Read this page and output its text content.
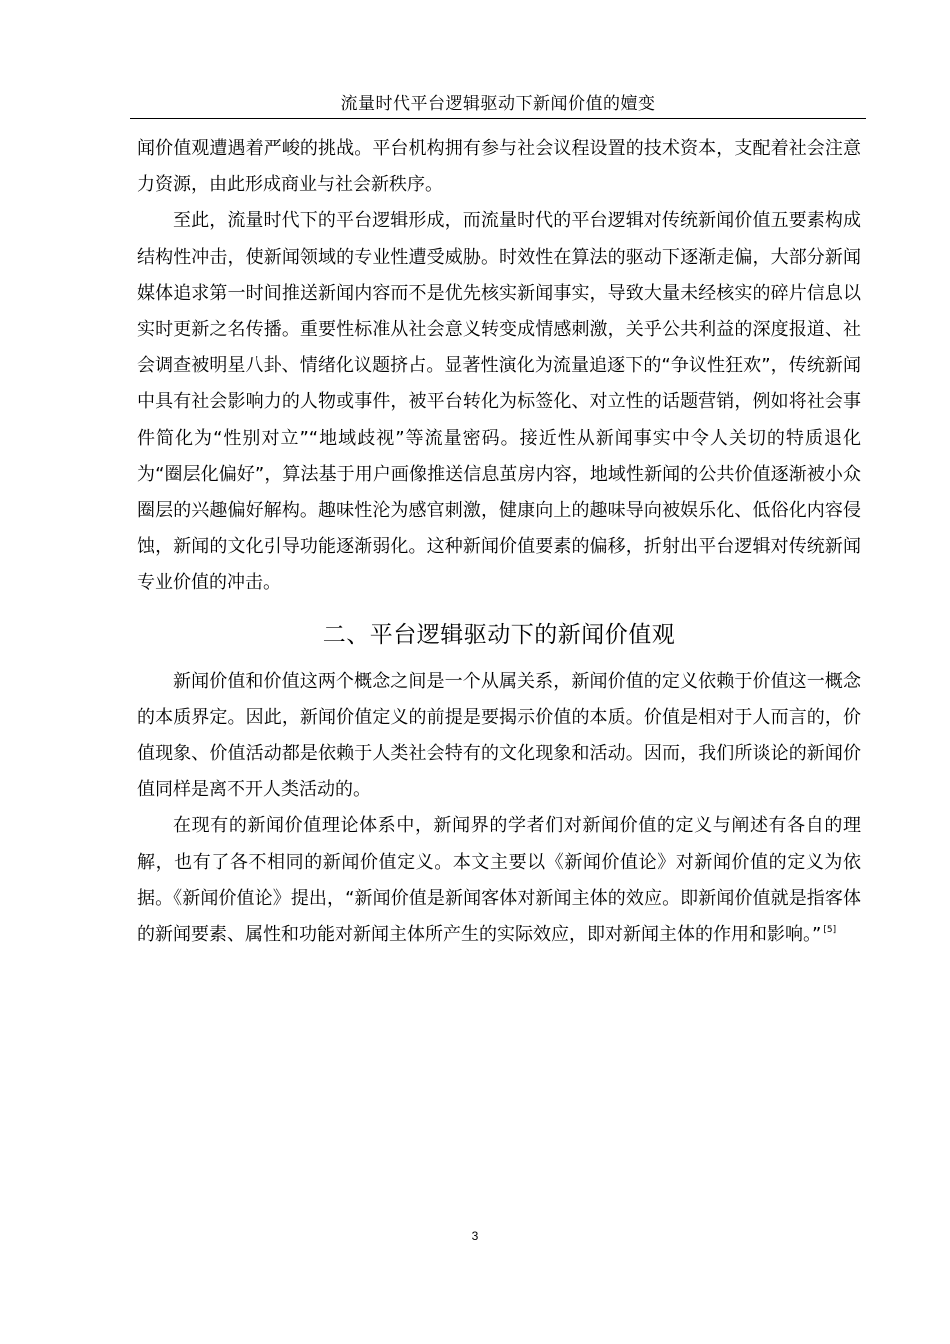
流量时代平台逻辑驱动下新闻价值的嬗变

闻价值观遭遇着严峻的挑战。平台机构拥有参与社会议程设置的技术资本，支配着社会注意力资源，由此形成商业与社会新秩序。

至此，流量时代下的平台逻辑形成，而流量时代的平台逻辑对传统新闻价值五要素构成结构性冲击，使新闻领域的专业性遭受威胁。时效性在算法的驱动下逐渐走偏，大部分新闻媒体追求第一时间推送新闻内容而不是优先核实新闻事实，导致大量未经核实的碎片信息以实时更新之名传播。重要性标准从社会意义转变成情感刺激，关乎公共利益的深度报道、社会调查被明星八卦、情绪化议题挤占。显著性演化为流量追逐下的“争议性狂欢”，传统新闻中具有社会影响力的人物或事件，被平台转化为标签化、对立性的话题营销，例如将社会事件简化为“性别对立”“地域歧视”等流量密码。接近性从新闻事实中令人关切的特质退化为“圈层化偏好”，算法基于用户画像推送信息茧房内容，地域性新闻的公共价值逐渐被小众圈层的兴趣偏好解构。趣味性沦为感官刺激，健康向上的趣味导向被娱乐化、低俗化内容侵蚀，新闻的文化引导功能逐渐弱化。这种新闻价值要素的偏移，折射出平台逻辑对传统新闻专业价值的冲击。

二、平台逻辑驱动下的新闻价值观

新闻价值和价值这两个概念之间是一个从属关系，新闻价值的定义依赖于价值这一概念的本质界定。因此，新闻价值定义的前提是要揭示价值的本质。价值是相对于人而言的，价值现象、价值活动都是依赖于人类社会特有的文化现象和活动。因而，我们所谈论的新闻价值同样是离不开人类活动的。

在现有的新闻价值理论体系中，新闻界的学者们对新闻价值的定义与阐述有各自的理解，也有了各不相同的新闻价值定义。本文主要以《新闻价值论》对新闻价值的定义为依据。《新闻价值论》提出，“新闻价值是新闻客体对新闻主体的效应。即新闻价值就是指客体的新闻要素、属性和功能对新闻主体所产生的实际效应，即对新闻主体的作用和影响。” [5]

3
